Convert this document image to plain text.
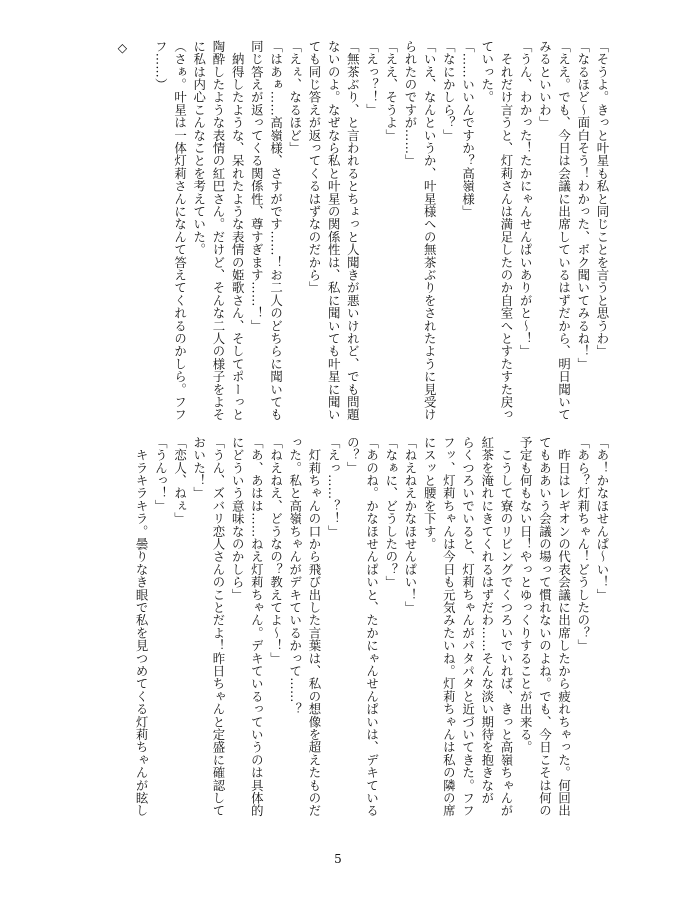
「そうよ。きっと叶星も私と同じことを言うと思うわ」
「なるほど〜面白そう！わかった、ボク聞いてみるね！」
「ええ。でも、今日は会議に出席しているはずだから、明日聞いて
みるといいわ」
「うん、わかった！たかにゃんせんぱいありがと〜！」
　それだけ言うと、灯莉さんは満足したのか自室へとすたすた戻っ
ていった。
「……いいんですか？高嶺様」
「なにかしら？」
「いえ、なんというか、叶星様への無茶ぶりをされたように見受け
られたのですが……」
「ええ、そうよ」
「えっ？！」
「無茶ぶり、と言われるとちょっと人聞きが悪いけれど、でも問題
ないのよ。なぜなら私と叶星の関係性は、私に聞いても叶星に聞い
ても同じ答えが返ってくるはずなのだから」
「えぇ、なるほど」
「はあぁ……高嶺様、さすがです……！お二人のどちらに聞いても
同じ答えが返ってくる関係性、尊すぎます……！」
　納得したような、呆れたような表情の姫歌さん、そしてポーっと
陶酔したような表情の紅巴さん。だけど、そんな二人の様子をよそ
に私は内心こんなことを考えていた。
（さぁ。叶星は一体灯莉さんになんて答えてくれるのかしら。フフ
フ……）
◇
「あ！かなほせんぱ〜い！」
「あら？灯莉ちゃん！どうしたの？」
　昨日はレギオンの代表会議に出席したから疲れちゃった。何回出
てもああいう会議の場って慣れないのよね。でも、今日こそは何の
予定も何もない日！やっとゆっくりすることが出来る。
　こうして寮のリビングでくつろいでいれば、きっと高嶺ちゃんが
紅茶を淹れにきてくれるはずだわ……そんな淡い期待を抱きなが
らくつろいでいると、灯莉ちゃんがパタパタと近づいてきた。フフ
フッ、灯莉ちゃんは今日も元気みたいね。灯莉ちゃんは私の隣の席
にスッと腰を下す。
「ねえねえかなほせんぱい！」
「なぁに、どうしたの？」
「あのね。かなほせんぱいと、たかにゃんせんぱいは、デキている
の？」
「えっ……？！」
　灯莉ちゃんの口から飛び出した言葉は、私の想像を超えたものだ
った。私と高嶺ちゃんがデキているかって……？
「ねえねえ、どうなの？教えてよ〜！」
「あ、あはは……ねえ灯莉ちゃん。デキているっていうのは具体的
にどういう意味なのかしら」
「うん、ズバリ恋人さんのことだよ！昨日ちゃんと定盛に確認して
おいた！」
「恋人、ねぇ」
「うんっ！」
　キラキラキラ。曇りなき眼で私を見つめてくる灯莉ちゃんが眩し
5
